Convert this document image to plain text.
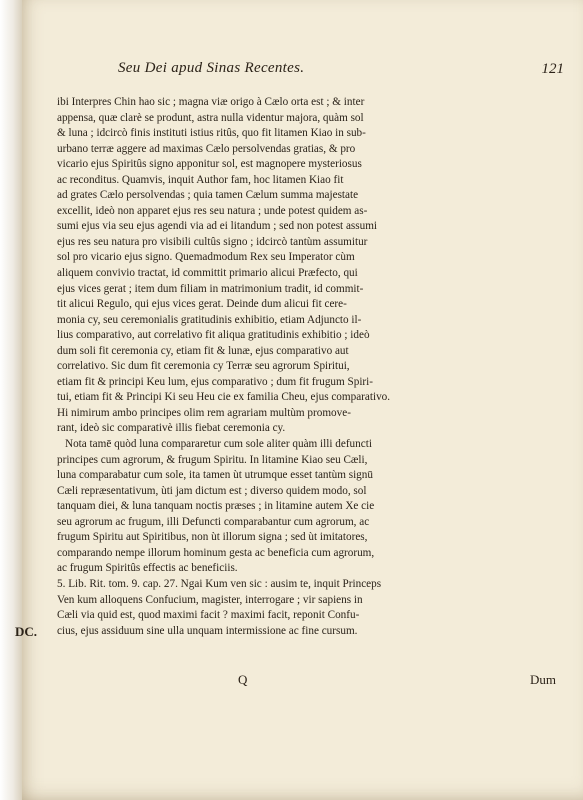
Seu Dei apud Sinas Recentes.	121
ibi Interpres Chin hao sic ; magna viæ origo à Cælo orta est ; & inter
appensa, quæ clarè se produnt, astra nulla videntur majora, quàm sol
& luna ; idcircò finis instituti istius ritûs, quo fit litamen Kiao in sub-
urbano terræ aggere ad maximas Cælo persolvendas gratias, & pro
vicario ejus Spiritûs signo apponitur sol, est magnopere mysteriosus
ac reconditus. Quamvis, inquit Author fam, hoc litamen Kiao fit
ad grates Cælo persolvendas ; quia tamen Cælum summa majestate
excellit, ideò non apparet ejus res seu natura ; unde potest quidem as-
sumi ejus via seu ejus agendi via ad ei litandum ; sed non potest assumi
ejus res seu natura pro visibili cultûs signo ; idcircò tantùm assumitur
sol pro vicario ejus signo. Quemadmodum Rex seu Imperator cùm
aliquem convivio tractat, id committit primario alicui Præfecto, qui
ejus vices gerat ; item dum filiam in matrimonium tradit, id commit-
tit alicui Regulo, qui ejus vices gerat. Deinde dum alicui fit cere-
monia cy, seu ceremonialis gratitudinis exhibitio, etiam Adjuncto il-
lius comparativo, aut correlativo fit aliqua gratitudinis exhibitio ; ideò
dum soli fit ceremonia cy, etiam fit & lunæ, ejus comparativo aut
correlativo. Sic dum fit ceremonia cy Terræ seu agrorum Spiritui,
etiam fit & principi Keu lum, ejus comparativo ; dum fit frugum Spiri-
tui, etiam fit & Principi Ki seu Heu cie ex familia Cheu, ejus comparativo.
Hi nimirum ambo principes olim rem agrariam multùm promove-
rant, ideò sic comparativè illis fiebat ceremonia cy.
Nota tamē quòd luna compararetur cum sole aliter quàm illi defuncti
principes cum agrorum, & frugum Spiritu. In litamine Kiao seu Cæli,
luna comparabatur cum sole, ita tamen ùt utrumque esset tantùm signū
Cæli repræsentativum, ùti jam dictum est ; diverso quidem modo, sol
tanquam diei, & luna tanquam noctis præses ; in litamine autem Xe cie
seu agrorum ac frugum, illi Defuncti comparabantur cum agrorum, ac
frugum Spiritu aut Spiritibus, non ùt illorum signa ; sed ùt imitatores,
comparando nempe illorum hominum gesta ac beneficia cum agrorum,
ac frugum Spiritûs effectis ac beneficiis.
5. Lib. Rit. tom. 9. cap. 27. Ngai Kum ven sic : ausim te, inquit Princeps
Ven kum alloquens Confucium, magister, interrogare ; vir sapiens in
Cæli via quid est, quod maximi facit ? maximi facit, reponit Confu-
cius, ejus assiduum sine ulla unquam intermissione ac fine cursum.
DC.
Q	Dum
